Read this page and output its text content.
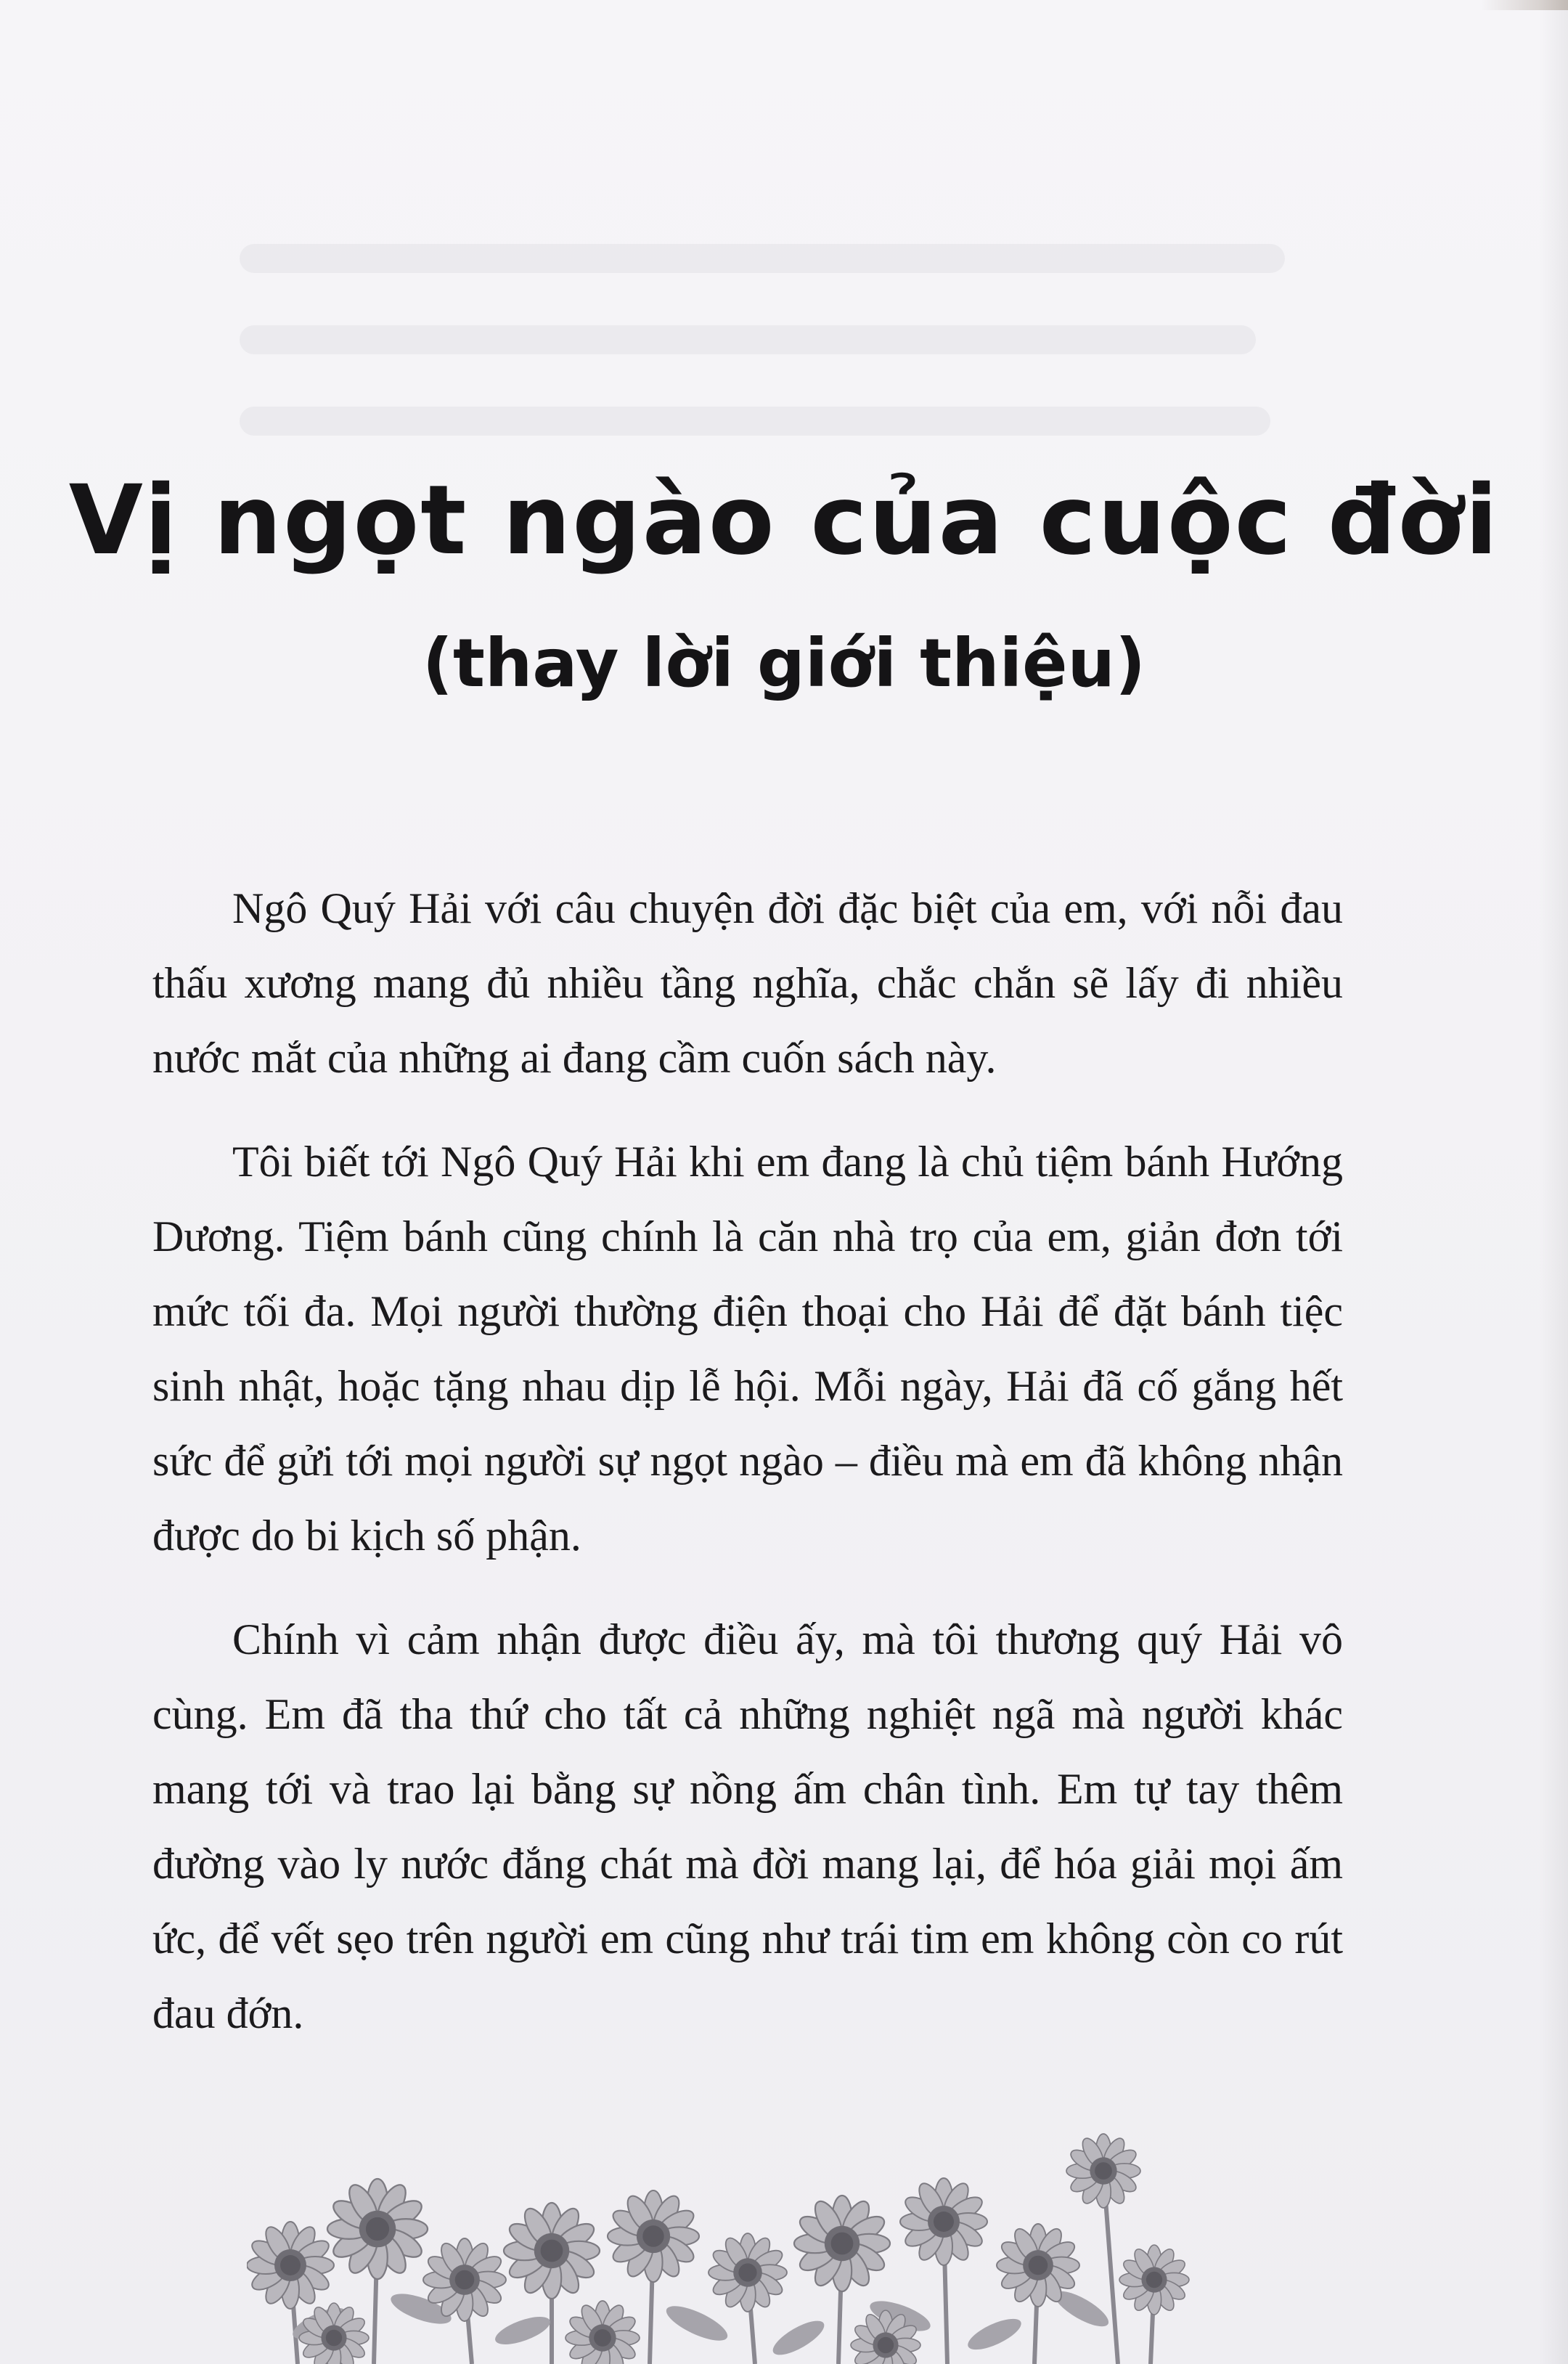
Vị ngọt ngào của cuộc đời
(thay lời giới thiệu)

Ngô Quý Hải với câu chuyện đời đặc biệt của em, với nỗi đau thấu xương mang đủ nhiều tầng nghĩa, chắc chắn sẽ lấy đi nhiều nước mắt của những ai đang cầm cuốn sách này.

Tôi biết tới Ngô Quý Hải khi em đang là chủ tiệm bánh Hướng Dương. Tiệm bánh cũng chính là căn nhà trọ của em, giản đơn tới mức tối đa. Mọi người thường điện thoại cho Hải để đặt bánh tiệc sinh nhật, hoặc tặng nhau dịp lễ hội. Mỗi ngày, Hải đã cố gắng hết sức để gửi tới mọi người sự ngọt ngào – điều mà em đã không nhận được do bi kịch số phận.

Chính vì cảm nhận được điều ấy, mà tôi thương quý Hải vô cùng. Em đã tha thứ cho tất cả những nghiệt ngã mà người khác mang tới và trao lại bằng sự nồng ấm chân tình. Em tự tay thêm đường vào ly nước đắng chát mà đời mang lại, để hóa giải mọi ấm ức, để vết sẹo trên người em cũng như trái tim em không còn co rút đau đớn.
